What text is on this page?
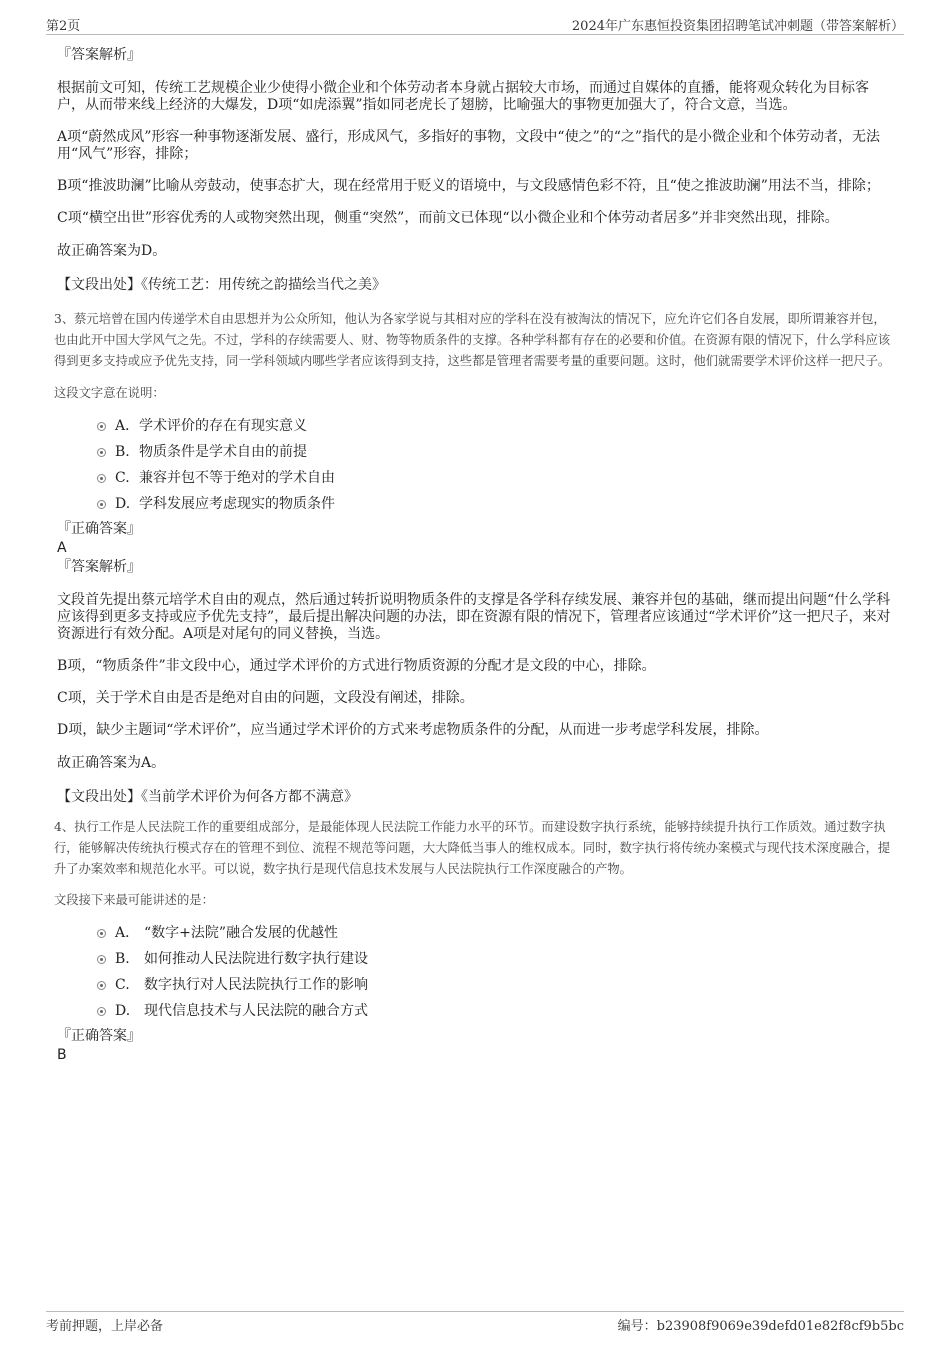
第2页	2024年广东惠恒投资集团招聘笔试冲刺题（带答案解析）
『答案解析』

根据前文可知，传统工艺规模企业少使得小微企业和个体劳动者本身就占据较大市场，而通过自媒体的直播，能将观众转化为目标客户，从而带来线上经济的大爆发，D项“如虎添翼”指如同老虎长了翅膀，比喻强大的事物更加强大了，符合文意，当选。

A项“蔚然成风”形容一种事物逐渐发展、盛行，形成风气，多指好的事物，文段中“使之”的“之”指代的是小微企业和个体劳动者，无法用“风气”形容，排除；

B项“推波助澜”比喻从旁鼓动，使事态扩大，现在经常用于贬义的语境中，与文段感情色彩不符，且“使之推波助澜”用法不当，排除；

C项“横空出世”形容优秀的人或物突然出现，侧重“突然”，而前文已体现“以小微企业和个体劳动者居多”并非突然出现，排除。

故正确答案为D。

【文段出处】《传统工艺：用传统之韵描绘当代之美》
3、蔡元培曾在国内传递学术自由思想并为公众所知，他认为各家学说与其相对应的学科在没有被淘汰的情况下，应允许它们各自发展，即所谓兼容并包，也由此开中国大学风气之先。不过，学科的存续需要人、财、物等物质条件的支撑。各种学科都有存在的必要和价值。在资源有限的情况下，什么学科应该得到更多支持或应予优先支持，同一学科领域内哪些学者应该得到支持，这些都是管理者需要考量的重要问题。这时，他们就需要学术评价这样一把尺子。
这段文字意在说明：
A． 学术评价的存在有现实意义
B. 物质条件是学术自由的前提
C. 兼容并包不等于绝对的学术自由
D. 学科发展应考虑现实的物质条件
『正确答案』
A
『答案解析』

文段首先提出蔡元培学术自由的观点，然后通过转折说明物质条件的支撑是各学科存续发展、兼容并包的基础，继而提出问题“什么学科应该得到更多支持或应予优先支持”，最后提出解决问题的办法，即在资源有限的情况下，管理者应该通过“学术评价”这一把尺子，来对资源进行有效分配。A项是对尾句的同义替换，当选。

B项，“物质条件”非文段中心，通过学术评价的方式进行物质资源的分配才是文段的中心，排除。

C项，关于学术自由是否是绝对自由的问题，文段没有阐述，排除。

D项，缺少主题词“学术评价”，应当通过学术评价的方式来考虑物质条件的分配，从而进一步考虑学科发展，排除。

故正确答案为A。

【文段出处】《当前学术评价为何各方都不满意》
4、执行工作是人民法院工作的重要组成部分，是最能体现人民法院工作能力水平的环节。而建设数字执行系统，能够持续提升执行工作质效。通过数字执行，能够解决传统执行模式存在的管理不到位、流程不规范等问题，大大降低当事人的维权成本。同时，数字执行将传统办案模式与现代技术深度融合，提升了办案效率和规范化水平。可以说，数字执行是现代信息技术发展与人民法院执行工作深度融合的产物。
文段接下来最可能讲述的是：
A． “数字+法院”融合发展的优越性
B. 如何推动人民法院进行数字执行建设
C. 数字执行对人民法院执行工作的影响
D. 现代信息技术与人民法院的融合方式
『正确答案』
B
考前押题，上岸必备	编号：b23908f9069e39defd01e82f8cf9b5bc
